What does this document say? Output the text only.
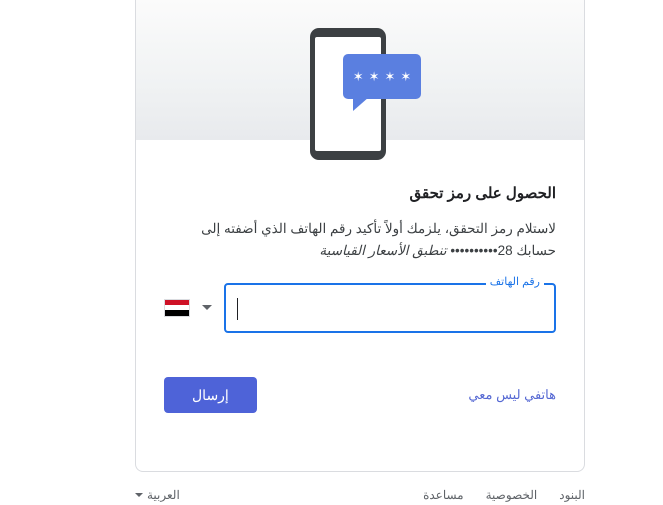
✶
✶
✶
✶
الحصول على رمز تحقق

لاستلام رمز التحقق، يلزمك أولاً تأكيد رقم الهاتف الذي أضفته إلى حسابك ••••••••••28 تنطبق الأسعار القياسية

رقم الهاتف
إرسال	هاتفي ليس معي
العربية	مساعدة الخصوصية البنود
